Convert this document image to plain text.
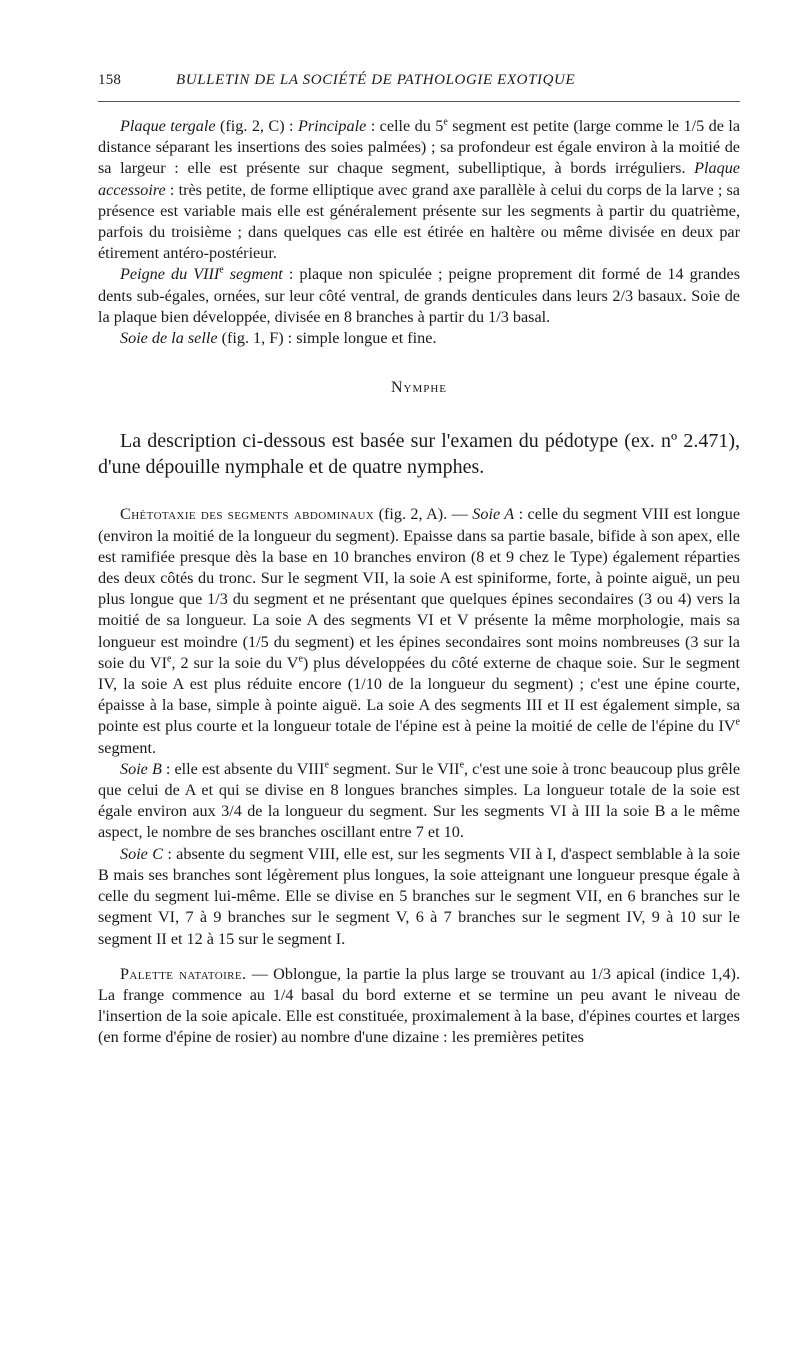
158	BULLETIN DE LA SOCIÉTÉ DE PATHOLOGIE EXOTIQUE

Plaque tergale (fig. 2, C) : Principale : celle du 5e segment est petite (large comme le 1/5 de la distance séparant les insertions des soies palmées) ; sa profondeur est égale environ à la moitié de sa largeur : elle est présente sur chaque segment, subelliptique, à bords irréguliers. Plaque accessoire : très petite, de forme elliptique avec grand axe parallèle à celui du corps de la larve ; sa présence est variable mais elle est généralement présente sur les segments à partir du quatrième, parfois du troisième ; dans quelques cas elle est étirée en haltère ou même divisée en deux par étirement antéro-postérieur.

Peigne du VIIIe segment : plaque non spiculée ; peigne proprement dit formé de 14 grandes dents sub-égales, ornées, sur leur côté ventral, de grands denticules dans leurs 2/3 basaux. Soie de la plaque bien développée, divisée en 8 branches à partir du 1/3 basal.

Soie de la selle (fig. 1, F) : simple longue et fine.

Nymphe

La description ci-dessous est basée sur l'examen du pédotype (ex. nº 2.471), d'une dépouille nymphale et de quatre nymphes.

Chétotaxie des segments abdominaux (fig. 2, A). — Soie A : celle du segment VIII est longue (environ la moitié de la longueur du segment). Epaisse dans sa partie basale, bifide à son apex, elle est ramifiée presque dès la base en 10 branches environ (8 et 9 chez le Type) également réparties des deux côtés du tronc. Sur le segment VII, la soie A est spiniforme, forte, à pointe aiguë, un peu plus longue que 1/3 du segment et ne présentant que quelques épines secondaires (3 ou 4) vers la moitié de sa longueur. La soie A des segments VI et V présente la même morphologie, mais sa longueur est moindre (1/5 du segment) et les épines secondaires sont moins nombreuses (3 sur la soie du VIe, 2 sur la soie du Ve) plus développées du côté externe de chaque soie. Sur le segment IV, la soie A est plus réduite encore (1/10 de la longueur du segment) ; c'est une épine courte, épaisse à la base, simple à pointe aiguë. La soie A des segments III et II est également simple, sa pointe est plus courte et la longueur totale de l'épine est à peine la moitié de celle de l'épine du IVe segment.

Soie B : elle est absente du VIIIe segment. Sur le VIIe, c'est une soie à tronc beaucoup plus grêle que celui de A et qui se divise en 8 longues branches simples. La longueur totale de la soie est égale environ aux 3/4 de la longueur du segment. Sur les segments VI à III la soie B a le même aspect, le nombre de ses branches oscillant entre 7 et 10.

Soie C : absente du segment VIII, elle est, sur les segments VII à I, d'aspect semblable à la soie B mais ses branches sont légèrement plus longues, la soie atteignant une longueur presque égale à celle du segment lui-même. Elle se divise en 5 branches sur le segment VII, en 6 branches sur le segment VI, 7 à 9 branches sur le segment V, 6 à 7 branches sur le segment IV, 9 à 10 sur le segment II et 12 à 15 sur le segment I.

Palette natatoire. — Oblongue, la partie la plus large se trouvant au 1/3 apical (indice 1,4). La frange commence au 1/4 basal du bord externe et se termine un peu avant le niveau de l'insertion de la soie apicale. Elle est constituée, proximalement à la base, d'épines courtes et larges (en forme d'épine de rosier) au nombre d'une dizaine : les premières petites
